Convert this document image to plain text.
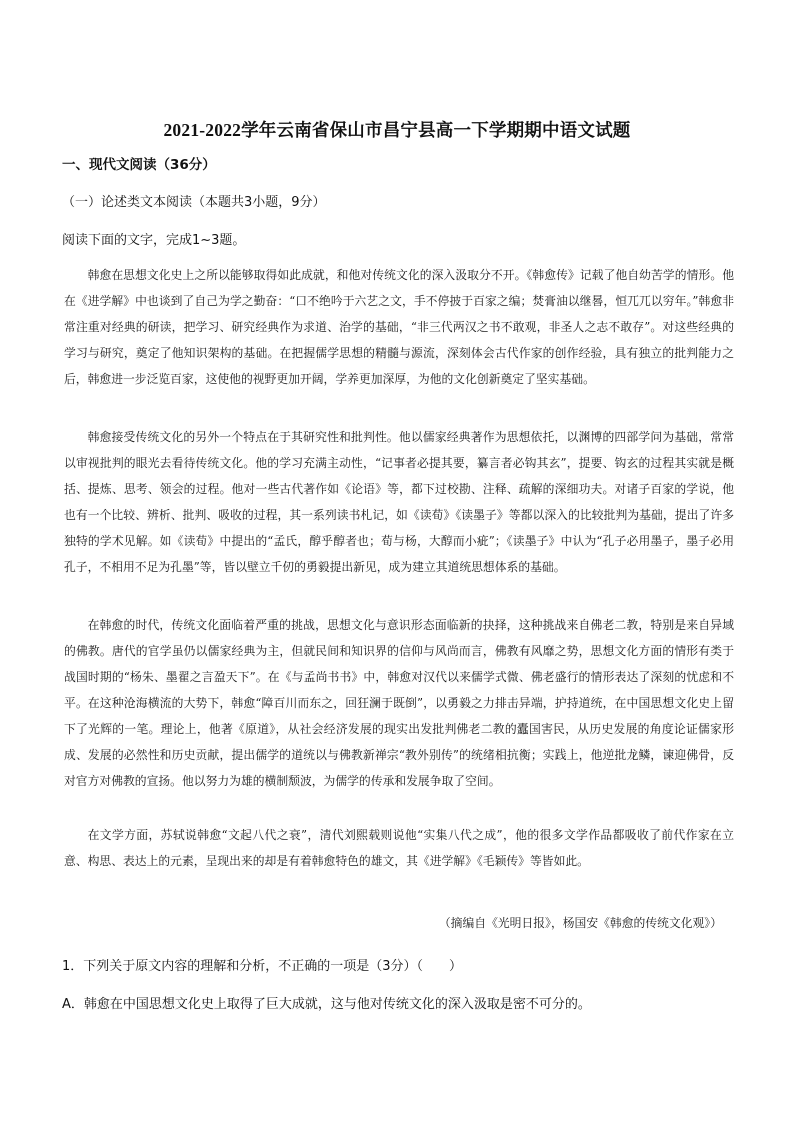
2021-2022学年云南省保山市昌宁县高一下学期期中语文试题

一、现代文阅读（36分）

（一）论述类文本阅读（本题共3小题，9分）

阅读下面的文字，完成1~3题。

韩愈在思想文化史上之所以能够取得如此成就，和他对传统文化的深入汲取分不开。《韩愈传》记载了他自幼苦学的情形。他在《进学解》中也谈到了自己为学之勤奋：“口不绝吟于六艺之文，手不停披于百家之编；焚膏油以继晷，恒兀兀以穷年。”韩愈非常注重对经典的研读，把学习、研究经典作为求道、治学的基础，“非三代两汉之书不敢观，非圣人之志不敢存”。对这些经典的学习与研究，奠定了他知识架构的基础。在把握儒学思想的精髓与源流，深刻体会古代作家的创作经验，具有独立的批判能力之后，韩愈进一步泛览百家，这使他的视野更加开阔，学养更加深厚，为他的文化创新奠定了坚实基础。

韩愈接受传统文化的另外一个特点在于其研究性和批判性。他以儒家经典著作为思想依托，以渊博的四部学问为基础，常常以审视批判的眼光去看待传统文化。他的学习充满主动性，“记事者必提其要，纂言者必钩其玄”，提要、钩玄的过程其实就是概括、提炼、思考、领会的过程。他对一些古代著作如《论语》等，都下过校勘、注释、疏解的深细功夫。对诸子百家的学说，他也有一个比较、辨析、批判、吸收的过程，其一系列读书札记，如《读荀》《读墨子》等都以深入的比较批判为基础，提出了许多独特的学术见解。如《读荀》中提出的“孟氏，醇乎醇者也；荀与杨，大醇而小疵”；《读墨子》中认为“孔子必用墨子，墨子必用孔子，不相用不足为孔墨”等，皆以壁立千仞的勇毅提出新见，成为建立其道统思想体系的基础。

在韩愈的时代，传统文化面临着严重的挑战，思想文化与意识形态面临新的抉择，这种挑战来自佛老二教，特别是来自异域的佛教。唐代的官学虽仍以儒家经典为主，但就民间和知识界的信仰与风尚而言，佛教有风靡之势，思想文化方面的情形有类于战国时期的“杨朱、墨翟之言盈天下”。在《与孟尚书书》中，韩愈对汉代以来儒学式微、佛老盛行的情形表达了深刻的忧虑和不平。在这种沧海横流的大势下，韩愈“障百川而东之，回狂澜于既倒”，以勇毅之力排击异端，护持道统，在中国思想文化史上留下了光辉的一笔。理论上，他著《原道》，从社会经济发展的现实出发批判佛老二教的蠹国害民，从历史发展的角度论证儒家形成、发展的必然性和历史贡献，提出儒学的道统以与佛教新禅宗“教外别传”的统绪相抗衡；实践上，他逆批龙鳞，谏迎佛骨，反对官方对佛教的宣扬。他以努力为雄的横制颓波，为儒学的传承和发展争取了空间。

在文学方面，苏轼说韩愈“文起八代之衰”，清代刘熙载则说他“实集八代之成”，他的很多文学作品都吸收了前代作家在立意、构思、表达上的元素，呈现出来的却是有着韩愈特色的雄文，其《进学解》《毛颖传》等皆如此。

（摘编自《光明日报》，杨国安《韩愈的传统文化观》）

1．下列关于原文内容的理解和分析，不正确的一项是（3分）（　　）

A．韩愈在中国思想文化史上取得了巨大成就，这与他对传统文化的深入汲取是密不可分的。
